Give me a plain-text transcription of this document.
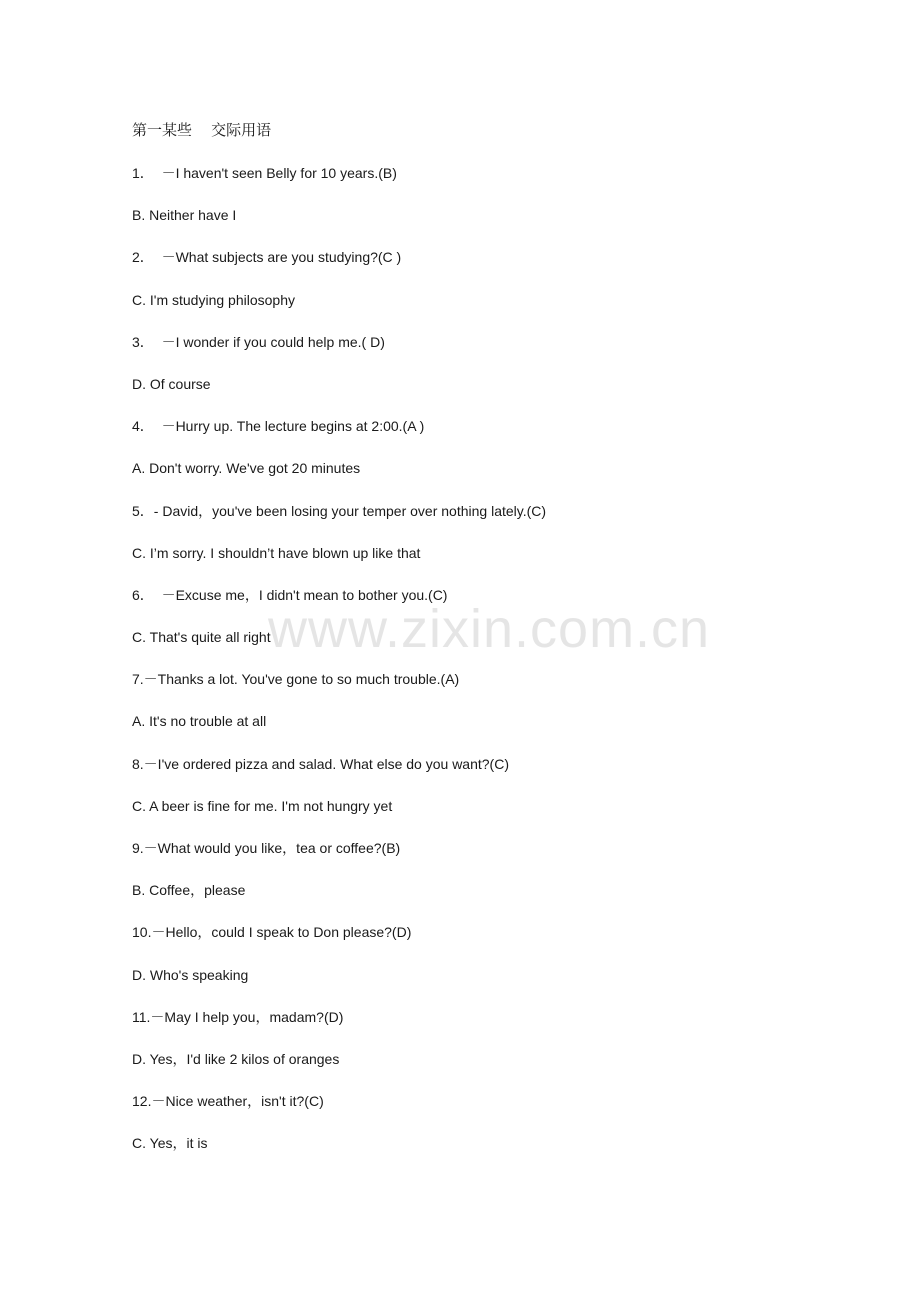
第一某些    交际用语
1．  －I haven't seen Belly for 10 years.(B)
B. Neither have I
2．  －What subjects are you studying?(C )
C. I'm studying philosophy
3．  －I wonder if you could help me.( D)
D. Of course
4．  －Hurry up. The lecture begins at 2:00.(A )
A. Don't worry. We've got 20 minutes
5．- David，you've been losing your temper over nothing lately.(C)
C. I’m sorry. I shouldn’t have blown up like that
6．  －Excuse me，I didn't mean to bother you.(C)
C. That's quite all right
7.－Thanks a lot. You've gone to so much trouble.(A)
A. It's no trouble at all
8.－I've ordered pizza and salad. What else do you want?(C)
C. A beer is fine for me. I'm not hungry yet
9.－What would you like，tea or coffee?(B)
B. Coffee，please
10.－Hello，could I speak to Don please?(D)
D. Who's speaking
11.－May I help you，madam?(D)
D. Yes，I'd like 2 kilos of oranges
12.－Nice weather，isn't it?(C)
C. Yes，it is
www.zixin.com.cn
